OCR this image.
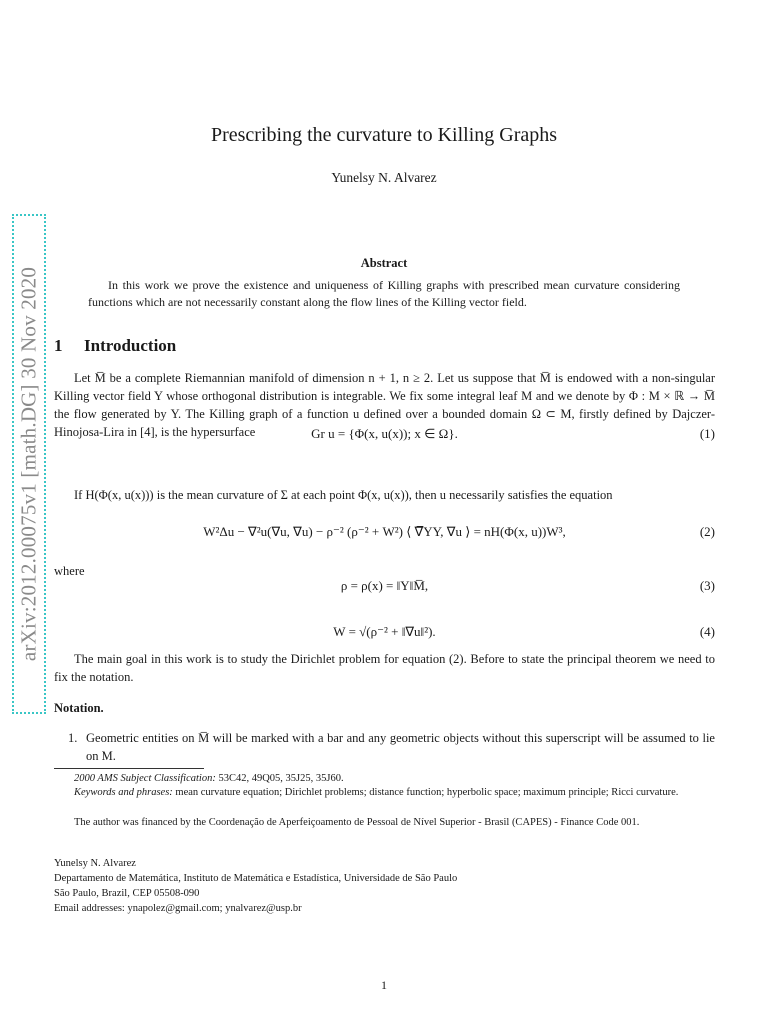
arXiv:2012.00075v1 [math.DG] 30 Nov 2020
Prescribing the curvature to Killing Graphs
Yunelsy N. Alvarez
Abstract
In this work we prove the existence and uniqueness of Killing graphs with prescribed mean curvature considering functions which are not necessarily constant along the flow lines of the Killing vector field.
1 Introduction
Let M̅ be a complete Riemannian manifold of dimension n + 1, n ≥ 2. Let us suppose that M̅ is endowed with a non-singular Killing vector field Y whose orthogonal distribution is integrable. We fix some integral leaf M and we denote by Φ : M × ℝ → M̅ the flow generated by Y. The Killing graph of a function u defined over a bounded domain Ω ⊂ M, firstly defined by Dajczer-Hinojosa-Lira in [4], is the hypersurface	Gr u = {Φ(x, u(x)); x ∈ Ω}.	(1)
If H(Φ(x, u(x))) is the mean curvature of Σ at each point Φ(x, u(x)), then u necessarily satisfies the equation
W²Δu − ∇²u(∇u, ∇u) − ρ⁻² (ρ⁻² + W²) ⟨ ∇̅YY, ∇u ⟩ = nH(Φ(x, u))W³,	(2)
where
ρ = ρ(x) = ‖Y‖M̅,	(3)
W = √(ρ⁻² + ‖∇u‖²).	(4)
The main goal in this work is to study the Dirichlet problem for equation (2). Before to state the principal theorem we need to fix the notation.
Notation.
1. Geometric entities on M̅ will be marked with a bar and any geometric objects without this superscript will be assumed to lie on M.
2000 AMS Subject Classification: 53C42, 49Q05, 35J25, 35J60.
Keywords and phrases: mean curvature equation; Dirichlet problems; distance function; hyperbolic space; maximum principle; Ricci curvature.
The author was financed by the Coordenação de Aperfeiçoamento de Pessoal de Nível Superior - Brasil (CAPES) - Finance Code 001.
Yunelsy N. Alvarez
Departamento de Matemática, Instituto de Matemática e Estadística, Universidade de São Paulo
São Paulo, Brazil, CEP 05508-090
Email addresses: ynapolez@gmail.com; ynalvarez@usp.br
1
